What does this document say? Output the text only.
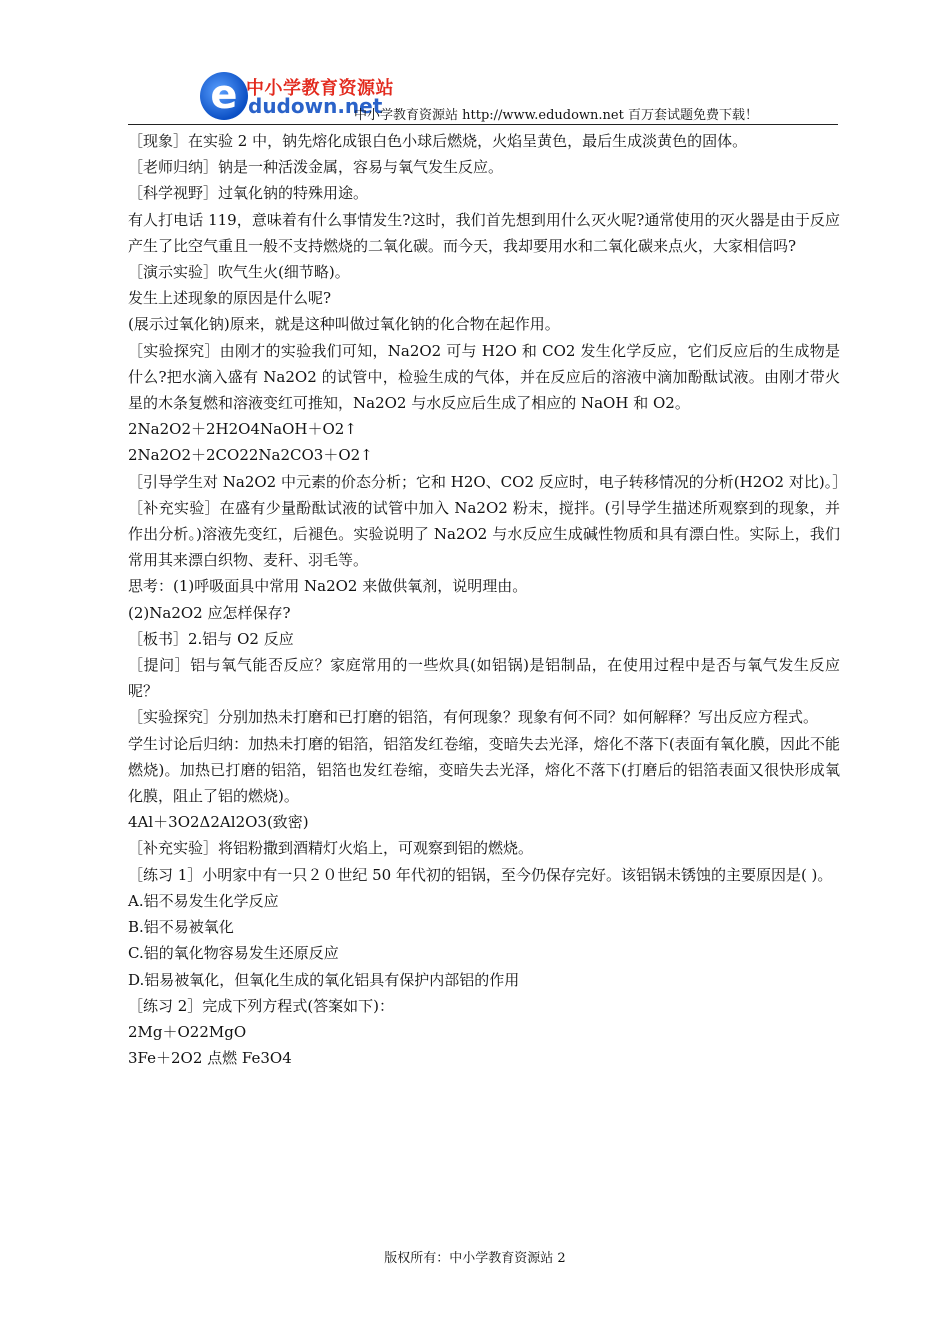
e 中小学教育资源站
dudown.net
中小学教育资源站 http://www.edudown.net 百万套试题免费下载！

［现象］在实验 2 中，钠先熔化成银白色小球后燃烧，火焰呈黄色，最后生成淡黄色的固体。

［老师归纳］钠是一种活泼金属，容易与氧气发生反应。

［科学视野］过氧化钠的特殊用途。

有人打电话 119，意味着有什么事情发生?这时，我们首先想到用什么灭火呢?通常使用的灭火器是由于反应产生了比空气重且一般不支持燃烧的二氧化碳。而今天，我却要用水和二氧化碳来点火，大家相信吗?

［演示实验］吹气生火(细节略)。

发生上述现象的原因是什么呢?

(展示过氧化钠)原来，就是这种叫做过氧化钠的化合物在起作用。

［实验探究］由刚才的实验我们可知，Na2O2 可与 H2O 和 CO2 发生化学反应，它们反应后的生成物是什么?把水滴入盛有 Na2O2 的试管中，检验生成的气体，并在反应后的溶液中滴加酚酞试液。由刚才带火星的木条复燃和溶液变红可推知，Na2O2 与水反应后生成了相应的 NaOH 和 O2。

2Na2O2＋2H2O4NaOH＋O2↑

2Na2O2＋2CO22Na2CO3＋O2↑

［引导学生对 Na2O2 中元素的价态分析；它和 H2O、CO2 反应时，电子转移情况的分析(H2O2 对比)。］

［补充实验］在盛有少量酚酞试液的试管中加入 Na2O2 粉末，搅拌。(引导学生描述所观察到的现象，并作出分析。)溶液先变红，后褪色。实验说明了 Na2O2 与水反应生成碱性物质和具有漂白性。实际上，我们常用其来漂白织物、麦秆、羽毛等。

思考：(1)呼吸面具中常用 Na2O2 来做供氧剂，说明理由。

(2)Na2O2 应怎样保存?

［板书］2.铝与 O2 反应

［提问］铝与氧气能否反应？家庭常用的一些炊具(如铝锅)是铝制品，在使用过程中是否与氧气发生反应呢？

［实验探究］分别加热未打磨和已打磨的铝箔，有何现象？现象有何不同？如何解释？写出反应方程式。

学生讨论后归纳：加热未打磨的铝箔，铝箔发红卷缩，变暗失去光泽，熔化不落下(表面有氧化膜，因此不能燃烧)。加热已打磨的铝箔，铝箔也发红卷缩，变暗失去光泽，熔化不落下(打磨后的铝箔表面又很快形成氧化膜，阻止了铝的燃烧)。

4Al＋3O2Δ2Al2O3(致密)

［补充实验］将铝粉撒到酒精灯火焰上，可观察到铝的燃烧。

［练习 1］小明家中有一只２０世纪 50 年代初的铝锅，至今仍保存完好。该铝锅未锈蚀的主要原因是( )。

A.铝不易发生化学反应

B.铝不易被氧化

C.铝的氧化物容易发生还原反应

D.铝易被氧化，但氧化生成的氧化铝具有保护内部铝的作用

［练习 2］完成下列方程式(答案如下)：

2Mg＋O22MgO

3Fe＋2O2 点燃 Fe3O4

版权所有：中小学教育资源站 2
